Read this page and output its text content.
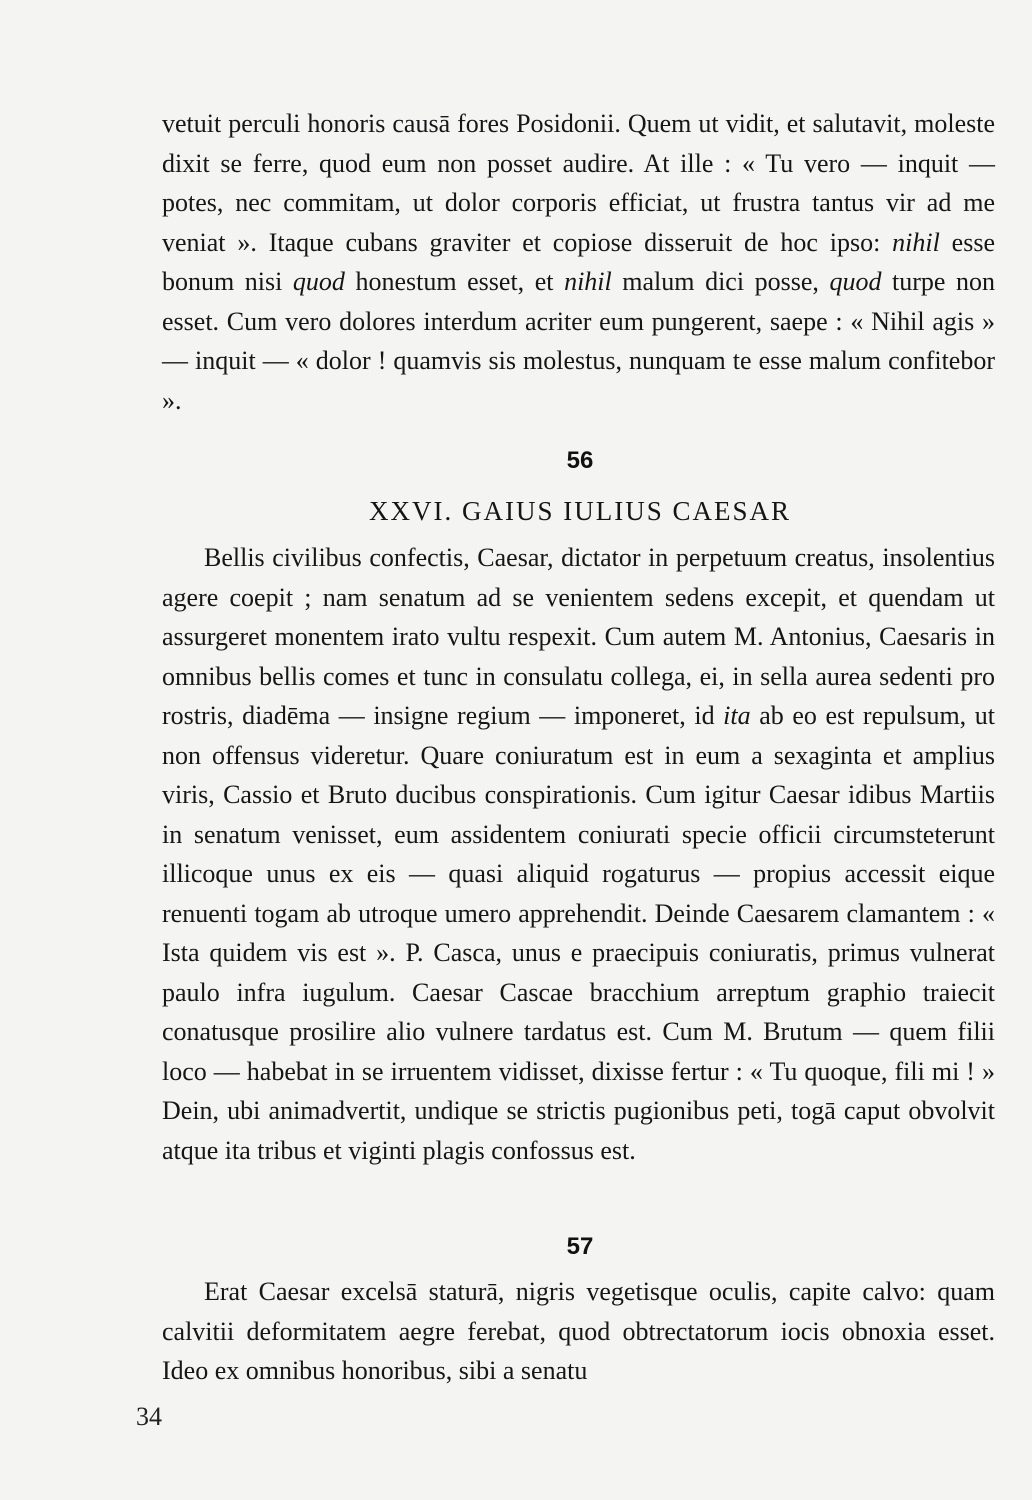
vetuit perculi honoris causā fores Posidonii. Quem ut vidit, et salutavit, moleste dixit se ferre, quod eum non posset audire. At ille : « Tu vero — inquit — potes, nec commitam, ut dolor corporis efficiat, ut frustra tantus vir ad me veniat ». Itaque cubans graviter et copiose disseruit de hoc ipso: nihil esse bonum nisi quod honestum esset, et nihil malum dici posse, quod turpe non esset. Cum vero dolores interdum acriter eum pungerent, saepe : « Nihil agis » — inquit — « dolor ! quamvis sis molestus, nunquam te esse malum confitebor ».

56
XXVI. GAIUS IULIUS CAESAR

Bellis civilibus confectis, Caesar, dictator in perpetuum creatus, insolentius agere coepit ; nam senatum ad se venientem sedens excepit, et quendam ut assurgeret monentem irato vultu respexit. Cum autem M. Antonius, Caesaris in omnibus bellis comes et tunc in consulatu collega, ei, in sella aurea sedenti pro rostris, diadēma — insigne regium — imponeret, id ita ab eo est repulsum, ut non offensus videretur. Quare coniuratum est in eum a sexaginta et amplius viris, Cassio et Bruto ducibus conspirationis. Cum igitur Caesar idibus Martiis in senatum venisset, eum assidentem coniurati specie officii circumsteterunt illicoque unus ex eis — quasi aliquid rogaturus — propius accessit eique renuenti togam ab utroque umero apprehendit. Deinde Caesarem clamantem : « Ista quidem vis est ». P. Casca, unus e praecipuis coniuratis, primus vulnerat paulo infra iugulum. Caesar Cascae bracchium arreptum graphio traiecit conatusque prosilire alio vulnere tardatus est. Cum M. Brutum — quem filii loco — habebat in se irruentem vidisset, dixisse fertur : « Tu quoque, fili mi ! » Dein, ubi animadvertit, undique se strictis pugionibus peti, togā caput obvolvit atque ita tribus et viginti plagis confossus est.

57

Erat Caesar excelsā staturā, nigris vegetisque oculis, capite calvo: quam calvitii deformitatem aegre ferebat, quod obtrectatorum iocis obnoxia esset. Ideo ex omnibus honoribus, sibi a senatu

34
